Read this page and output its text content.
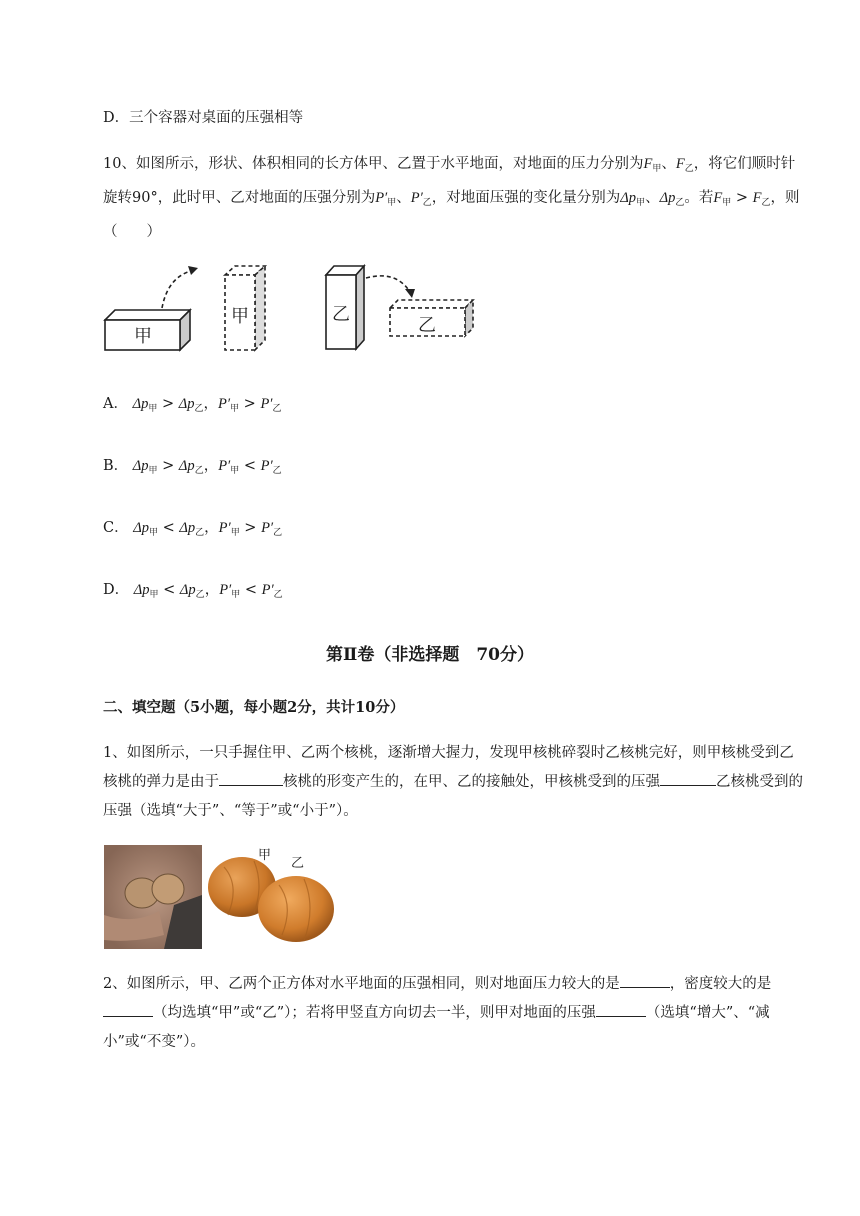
D．三个容器对桌面的压强相等
10、如图所示，形状、体积相同的长方体甲、乙置于水平地面，对地面的压力分别为$F_甲$、$F_乙$，将它们顺时针旋转90°，此时甲、乙对地面的压强分别为$P'_甲$、$P'_乙$，对地面压强的变化量分别为$\Delta p_甲$、$\Delta p_乙$。若$F_甲 > F_乙$，则（　　）
甲
甲	乙
乙
A． $\Delta p_甲 > \Delta p_乙$，$P'_甲 > P'_乙$
B． $\Delta p_甲 > \Delta p_乙$，$P'_甲 < P'_乙$
C． $\Delta p_甲 < \Delta p_乙$，$P'_甲 > P'_乙$
D． $\Delta p_甲 < \Delta p_乙$，$P'_甲 < P'_乙$
第Ⅱ卷（非选择题　70分）
二、填空题（5小题，每小题2分，共计10分）
1、如图所示，一只手握住甲、乙两个核桃，逐渐增大握力，发现甲核桃碎裂时乙核桃完好，则甲核桃受到乙核桃的弹力是由于	核桃的形变产生的，在甲、乙的接触处，甲核桃受到的压强	乙核桃受到的压强（选填“大于”、“等于”或“小于”）。
甲
乙
2、如图所示，甲、乙两个正方体对水平地面的压强相同，则对地面压力较大的是	，密度较大的是（均选填“甲”或“乙”）；若将甲竖直方向切去一半，则甲对地面的压强	（选填“增大”、“减小”或“不变”）。
